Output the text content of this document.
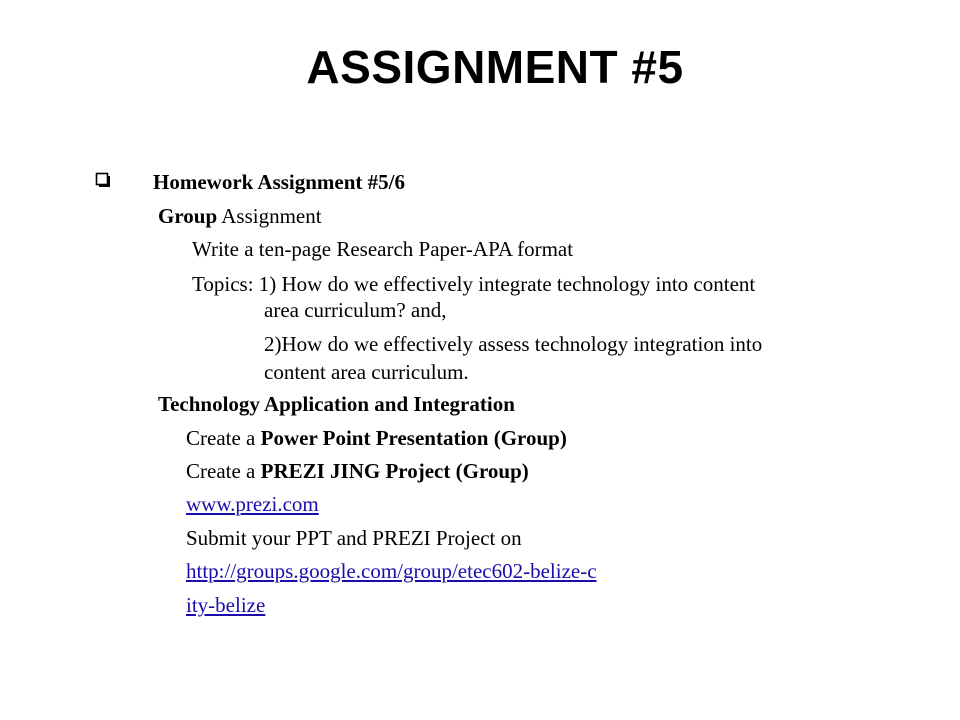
ASSIGNMENT #5
Homework Assignment #5/6
Group Assignment
Write a ten-page Research Paper-APA format
Topics: 1) How do we effectively integrate technology into content
area curriculum? and,
2)How do we effectively assess technology integration into
content area curriculum.
Technology Application and Integration
Create a Power Point Presentation (Group)
Create a PREZI JING Project (Group)
www.prezi.com
Submit your PPT and PREZI Project on
http://groups.google.com/group/etec602-belize-c
ity-belize
